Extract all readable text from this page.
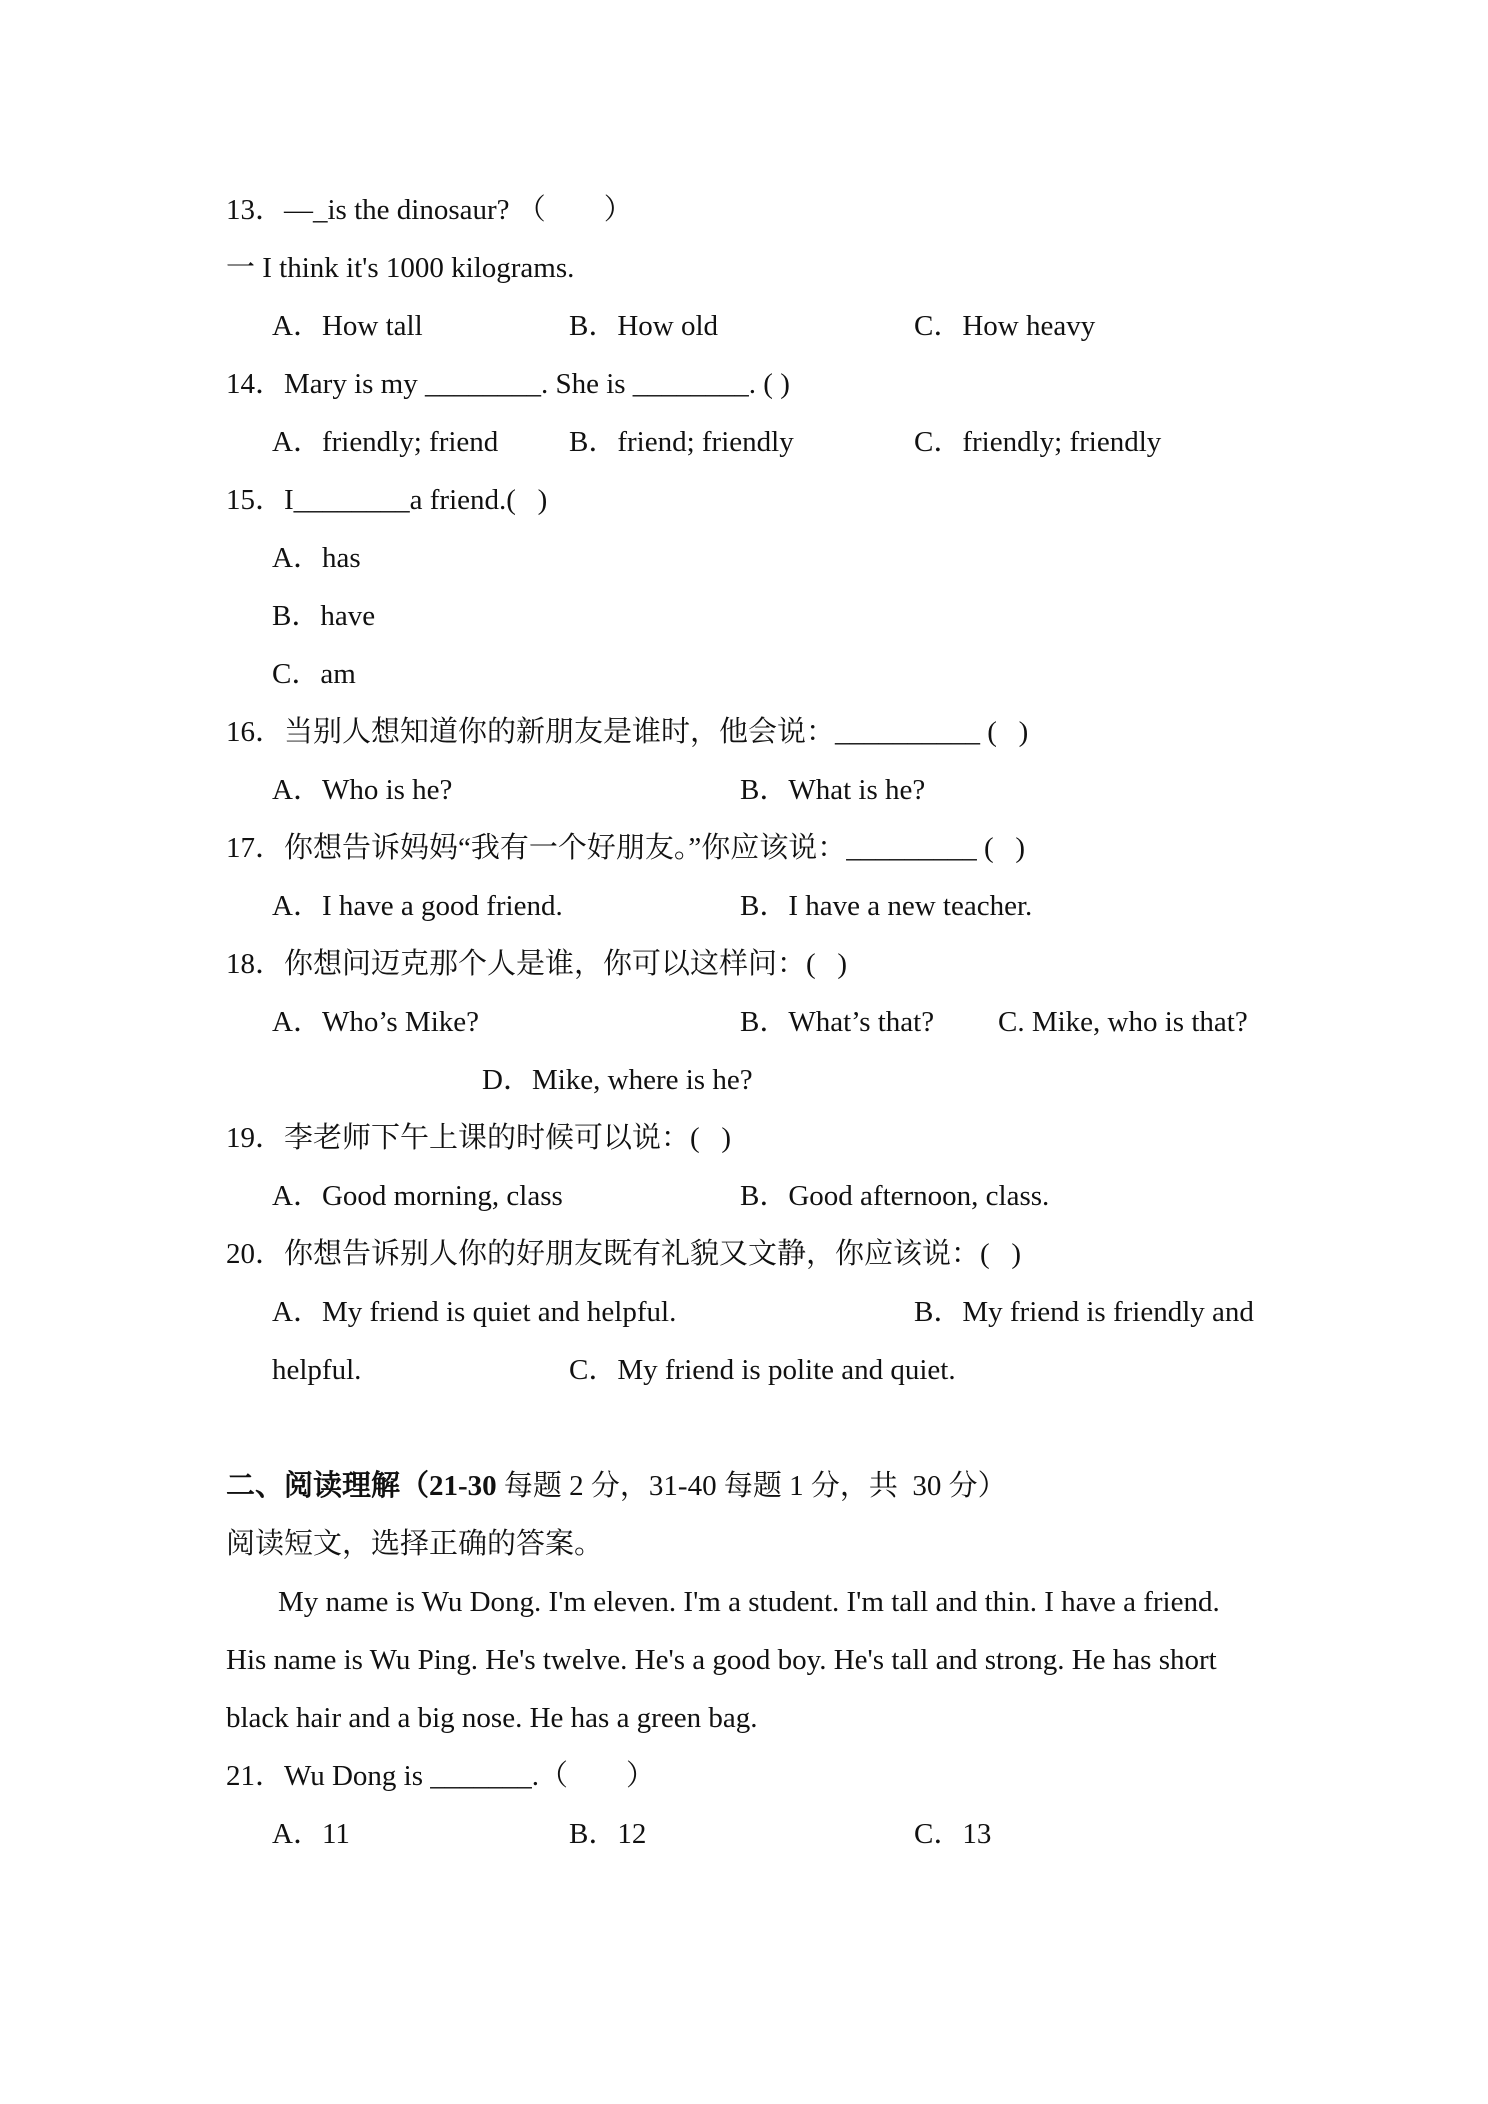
13．—_is the dinosaur? （　　）
一 I think it's 1000 kilograms.
A．How tall	B．How old	C．How heavy
14．Mary is my ________. She is ________. ( )
A．friendly; friend B．friend; friendly	C．friendly; friendly
15．I________a friend.(   )
A．has
B．have
C．am
16．当别人想知道你的新朋友是谁时，他会说：__________ (   )
A．Who is he?	B．What is he?
17．你想告诉妈妈“我有一个好朋友。”你应该说：_________ (   )
A．I have a good friend.	B．I have a new teacher.
18．你想问迈克那个人是谁，你可以这样问：(   )
A．Who’s Mike?	B．What’s that? C. Mike, who is that?
D．Mike, where is he?
19．李老师下午上课的时候可以说：(   )
A．Good morning, class	B．Good afternoon, class.
20．你想告诉别人你的好朋友既有礼貌又文静，你应该说：(   )
A．My friend is quiet and helpful.	B．My friend is friendly and
helpful.	C．My friend is polite and quiet.
二、阅读理解（21-30 每题 2 分，31-40 每题 1 分，共  30 分）
阅读短文，选择正确的答案。
My name is Wu Dong. I'm eleven. I'm a student. I'm tall and thin. I have a friend.
His name is Wu Ping. He's twelve. He's a good boy. He's tall and strong. He has short
black hair and a big nose. He has a green bag.
21．Wu Dong is _______.（　　）
A．11	B．12	C．13
